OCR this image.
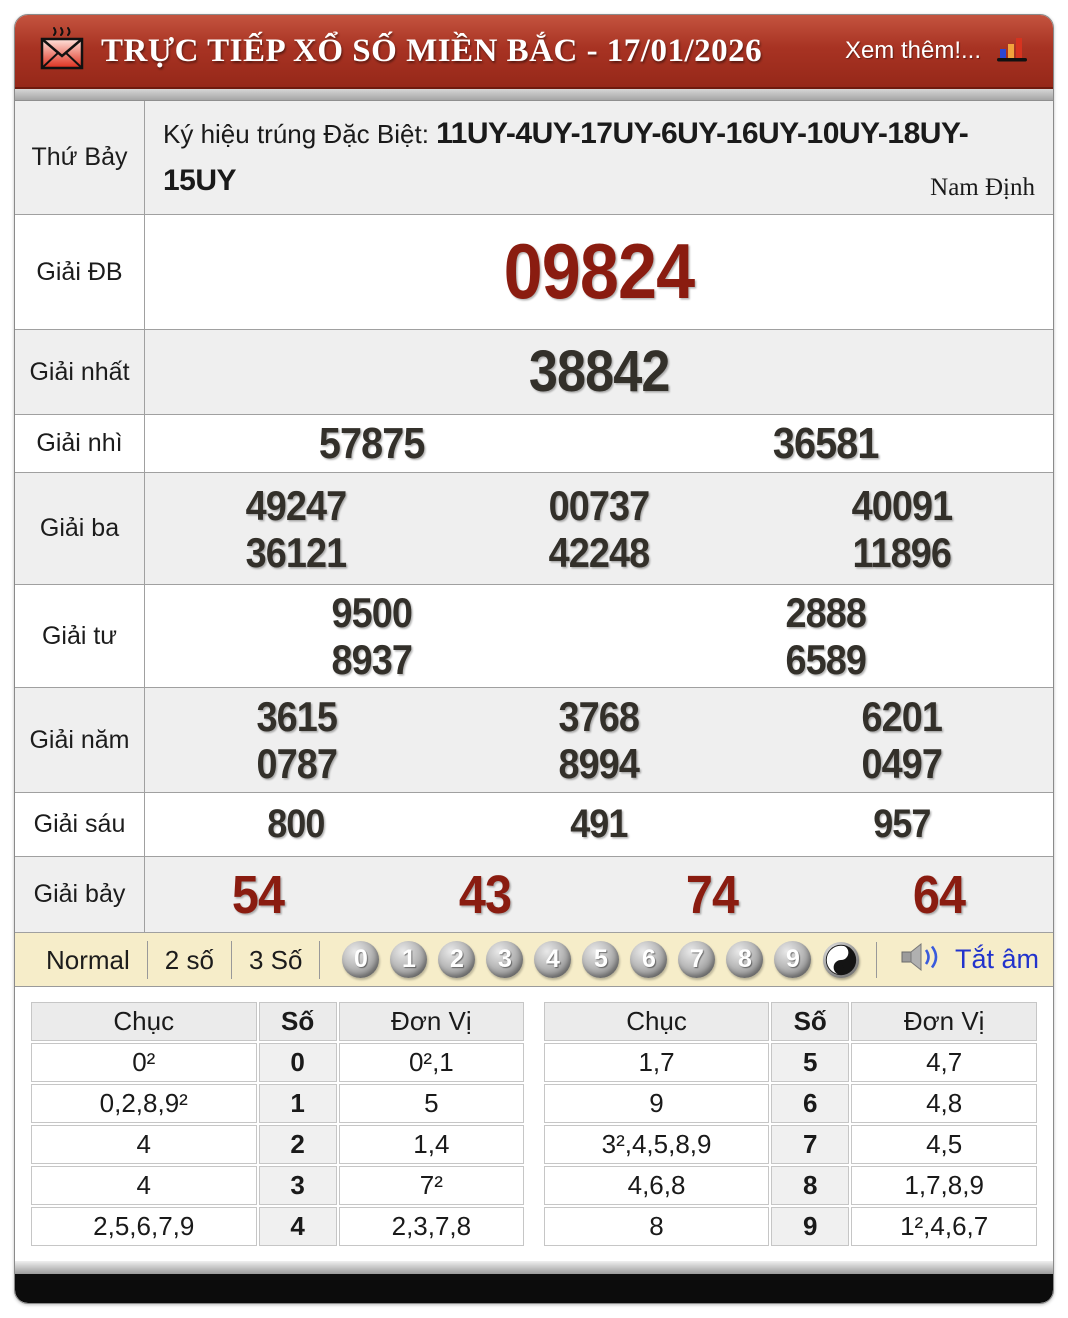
TRỰC TIẾP XỔ SỐ MIỀN BẮC - 17/01/2026	Xem thêm!...
Thứ Bảy
Ký hiệu trúng Đặc Biệt: 11UY-4UY-17UY-6UY-16UY-10UY-18UY-15UY	Nam Định
Giải ĐB	09824
Giải nhất	38842
Giải nhì	57875	36581
Giải ba	49247	00737	40091
36121	42248	11896
Giải tư	9500	2888
8937	6589
Giải năm	3615	3768	6201
0787	8994	0497
Giải sáu	800	491	957
Giải bảy	54	43	74	64
Normal	2 số	3 Số	0	1	2	3	4	5	6	7	8	9	Tắt âm
Chục	Số	Đơn Vị
0²	0	0²,1
0,2,8,9²	1	5
4	2	1,4
4	3	7²
2,5,6,7,9	4	2,3,7,8
Chục	Số	Đơn Vị
1,7	5	4,7
9	6	4,8
3²,4,5,8,9	7	4,5
4,6,8	8	1,7,8,9
8	9	1²,4,6,7
